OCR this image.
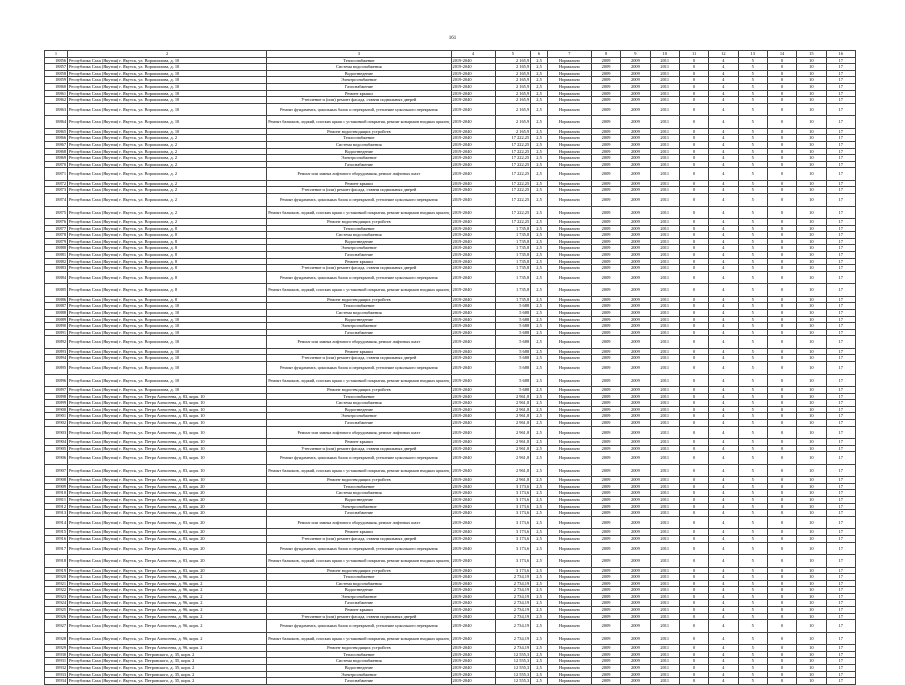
161
1	2	3	4	5	6	7	8	9	10	11	12	13	14	15	16
18856	Республика Саха (Якутия) г. Якутск, ул. Ворошилова, д. 10	Теплоснабжение	2019-2040	2 165,9	2,5	Нормально	2009	2009	2011	0	4	5	0	10	17
18857	Республика Саха (Якутия) г. Якутск, ул. Ворошилова, д. 10	Система водоснабжения	2019-2040	2 165,9	2,5	Нормально	2009	2009	2011	0	4	5	0	10	17
18858	Республика Саха (Якутия) г. Якутск, ул. Ворошилова, д. 10	Водоотведение	2019-2040	2 165,9	2,5	Нормально	2009	2009	2011	0	4	5	0	10	17
18859	Республика Саха (Якутия) г. Якутск, ул. Ворошилова, д. 10	Электроснабжение	2019-2040	2 165,9	2,5	Нормально	2009	2009	2011	0	4	5	0	10	17
18860	Республика Саха (Якутия) г. Якутск, ул. Ворошилова, д. 10	Газоснабжение	2019-2040	2 165,9	2,5	Нормально	2009	2009	2011	0	4	5	0	10	17
18861	Республика Саха (Якутия) г. Якутск, ул. Ворошилова, д. 10	Ремонт крыши	2019-2040	2 165,9	2,5	Нормально	2009	2009	2011	0	4	5	0	10	17
18862	Республика Саха (Якутия) г. Якутск, ул. Ворошилова, д. 10	Утепление и (или) ремонт фасада, ставни подвальных дверей	2019-2040	2 165,9	2,5	Нормально	2009	2009	2011	0	4	5	0	10	17
18863	Республика Саха (Якутия) г. Якутск, ул. Ворошилова, д. 10	Ремонт фундамента, цокольных балок и перекрытий, утепление цокольного перекрытия	2019-2040	2 165,9	2,5	Нормально	2009	2009	2011	0	4	5	0	10	17
18864	Республика Саха (Якутия) г. Якутск, ул. Ворошилова, д. 10	Ремонт балконов, лоджий, плоских крыш с установкой покрытия, ремонт козырьков входных крылец	2019-2040	2 165,9	2,5	Нормально	2009	2009	2011	0	4	5	0	10	17
18865	Республика Саха (Якутия) г. Якутск, ул. Ворошилова, д. 10	Ремонт водоотводящих устройств	2019-2040	2 165,9	2,5	Нормально	2009	2009	2011	0	4	5	0	10	17
18866	Республика Саха (Якутия) г. Якутск, ул. Ворошилова, д. 2	Теплоснабжение	2019-2040	17 222,25	2,5	Нормально	2009	2009	2011	0	4	5	0	10	17
18867	Республика Саха (Якутия) г. Якутск, ул. Ворошилова, д. 2	Система водоснабжения	2019-2040	17 222,25	2,5	Нормально	2009	2009	2011	0	4	5	0	10	17
18868	Республика Саха (Якутия) г. Якутск, ул. Ворошилова, д. 2	Водоотведение	2019-2040	17 222,25	2,5	Нормально	2009	2009	2011	0	4	5	0	10	17
18869	Республика Саха (Якутия) г. Якутск, ул. Ворошилова, д. 2	Электроснабжение	2019-2040	17 222,25	2,5	Нормально	2009	2009	2011	0	4	5	0	10	17
18870	Республика Саха (Якутия) г. Якутск, ул. Ворошилова, д. 2	Газоснабжение	2019-2040	17 222,25	2,5	Нормально	2009	2009	2011	0	4	5	0	10	17
18871	Республика Саха (Якутия) г. Якутск, ул. Ворошилова, д. 2	Ремонт или замена лифтового оборудования, ремонт лифтовых шахт	2019-2040	17 222,25	2,5	Нормально	2009	2009	2011	0	4	5	0	10	17
18872	Республика Саха (Якутия) г. Якутск, ул. Ворошилова, д. 2	Ремонт крыши	2019-2040	17 222,25	2,5	Нормально	2009	2009	2011	0	4	5	0	10	17
18873	Республика Саха (Якутия) г. Якутск, ул. Ворошилова, д. 2	Утепление и (или) ремонт фасада, ставни подвальных дверей	2019-2040	17 222,25	2,5	Нормально	2009	2009	2011	0	4	5	0	10	17
18874	Республика Саха (Якутия) г. Якутск, ул. Ворошилова, д. 2	Ремонт фундамента, цокольных балок и перекрытий, утепление цокольного перекрытия	2019-2040	17 222,25	2,5	Нормально	2009	2009	2011	0	4	5	0	10	17
18875	Республика Саха (Якутия) г. Якутск, ул. Ворошилова, д. 2	Ремонт балконов, лоджий, плоских крыш с установкой покрытия, ремонт козырьков входных крылец	2019-2040	17 222,25	2,5	Нормально	2009	2009	2011	0	4	5	0	10	17
18876	Республика Саха (Якутия) г. Якутск, ул. Ворошилова, д. 2	Ремонт водоотводящих устройств	2019-2040	17 222,25	2,5	Нормально	2009	2009	2011	0	4	5	0	10	17
18877	Республика Саха (Якутия) г. Якутск, ул. Ворошилова, д. 8	Теплоснабжение	2019-2040	1 735,8	2,5	Нормально	2009	2009	2011	0	4	5	0	10	17
18878	Республика Саха (Якутия) г. Якутск, ул. Ворошилова, д. 8	Система водоснабжения	2019-2040	1 735,8	2,5	Нормально	2009	2009	2011	0	4	5	0	10	17
18879	Республика Саха (Якутия) г. Якутск, ул. Ворошилова, д. 8	Водоотведение	2019-2040	1 735,8	2,5	Нормально	2009	2009	2011	0	4	5	0	10	17
18880	Республика Саха (Якутия) г. Якутск, ул. Ворошилова, д. 8	Электроснабжение	2019-2040	1 735,8	2,5	Нормально	2009	2009	2011	0	4	5	0	10	17
18881	Республика Саха (Якутия) г. Якутск, ул. Ворошилова, д. 8	Газоснабжение	2019-2040	1 735,8	2,5	Нормально	2009	2009	2011	0	4	5	0	10	17
18882	Республика Саха (Якутия) г. Якутск, ул. Ворошилова, д. 8	Ремонт крыши	2019-2040	1 735,8	2,5	Нормально	2009	2009	2011	0	4	5	0	10	17
18883	Республика Саха (Якутия) г. Якутск, ул. Ворошилова, д. 8	Утепление и (или) ремонт фасада, ставни подвальных дверей	2019-2040	1 735,8	2,5	Нормально	2009	2009	2011	0	4	5	0	10	17
18884	Республика Саха (Якутия) г. Якутск, ул. Ворошилова, д. 8	Ремонт фундамента, цокольных балок и перекрытий, утепление цокольного перекрытия	2019-2040	1 735,8	2,5	Нормально	2009	2009	2011	0	4	5	0	10	17
18885	Республика Саха (Якутия) г. Якутск, ул. Ворошилова, д. 8	Ремонт балконов, лоджий, плоских крыш с установкой покрытия, ремонт козырьков входных крылец	2019-2040	1 735,8	2,5	Нормально	2009	2009	2011	0	4	5	0	10	17
18886	Республика Саха (Якутия) г. Якутск, ул. Ворошилова, д. 8	Ремонт водоотводящих устройств	2019-2040	1 735,8	2,5	Нормально	2009	2009	2011	0	4	5	0	10	17
18887	Республика Саха (Якутия) г. Якутск, ул. Ворошилова, д. 10	Теплоснабжение	2019-2040	5 688	2,5	Нормально	2009	2009	2011	0	4	5	0	10	17
18888	Республика Саха (Якутия) г. Якутск, ул. Ворошилова, д. 10	Система водоснабжения	2019-2040	5 688	2,5	Нормально	2009	2009	2011	0	4	5	0	10	17
18889	Республика Саха (Якутия) г. Якутск, ул. Ворошилова, д. 10	Водоотведение	2019-2040	5 688	2,5	Нормально	2009	2009	2011	0	4	5	0	10	17
18890	Республика Саха (Якутия) г. Якутск, ул. Ворошилова, д. 10	Электроснабжение	2019-2040	5 688	2,5	Нормально	2009	2009	2011	0	4	5	0	10	17
18891	Республика Саха (Якутия) г. Якутск, ул. Ворошилова, д. 10	Газоснабжение	2019-2040	5 688	2,5	Нормально	2009	2009	2011	0	4	5	0	10	17
18892	Республика Саха (Якутия) г. Якутск, ул. Ворошилова, д. 10	Ремонт или замена лифтового оборудования, ремонт лифтовых шахт	2019-2040	5 688	2,5	Нормально	2009	2009	2011	0	4	5	0	10	17
18893	Республика Саха (Якутия) г. Якутск, ул. Ворошилова, д. 10	Ремонт крыши	2019-2040	5 688	2,5	Нормально	2009	2009	2011	0	4	5	0	10	17
18894	Республика Саха (Якутия) г. Якутск, ул. Ворошилова, д. 10	Утепление и (или) ремонт фасада, ставни подвальных дверей	2019-2040	5 688	2,5	Нормально	2009	2009	2011	0	4	5	0	10	17
18895	Республика Саха (Якутия) г. Якутск, ул. Ворошилова, д. 10	Ремонт фундамента, цокольных балок и перекрытий, утепление цокольного перекрытия	2019-2040	5 688	2,5	Нормально	2009	2009	2011	0	4	5	0	10	17
18896	Республика Саха (Якутия) г. Якутск, ул. Ворошилова, д. 10	Ремонт балконов, лоджий, плоских крыш с установкой покрытия, ремонт козырьков входных крылец	2019-2040	5 688	2,5	Нормально	2009	2009	2011	0	4	5	0	10	17
18897	Республика Саха (Якутия) г. Якутск, ул. Ворошилова, д. 10	Ремонт водоотводящих устройств	2019-2040	5 688	2,5	Нормально	2009	2009	2011	0	4	5	0	10	17
18898	Республика Саха (Якутия) г. Якутск, ул. Петра Алексеева, д. 83, корп. 10	Теплоснабжение	2019-2040	2 961,8	2,5	Нормально	2009	2009	2011	0	4	5	0	10	17
18899	Республика Саха (Якутия) г. Якутск, ул. Петра Алексеева, д. 83, корп. 10	Система водоснабжения	2019-2040	2 961,8	2,5	Нормально	2009	2009	2011	0	4	5	0	10	17
18900	Республика Саха (Якутия) г. Якутск, ул. Петра Алексеева, д. 83, корп. 10	Водоотведение	2019-2040	2 961,8	2,5	Нормально	2009	2009	2011	0	4	5	0	10	17
18901	Республика Саха (Якутия) г. Якутск, ул. Петра Алексеева, д. 83, корп. 10	Электроснабжение	2019-2040	2 961,8	2,5	Нормально	2009	2009	2011	0	4	5	0	10	17
18902	Республика Саха (Якутия) г. Якутск, ул. Петра Алексеева, д. 83, корп. 10	Газоснабжение	2019-2040	2 961,8	2,5	Нормально	2009	2009	2011	0	4	5	0	10	17
18903	Республика Саха (Якутия) г. Якутск, ул. Петра Алексеева, д. 83, корп. 10	Ремонт или замена лифтового оборудования, ремонт лифтовых шахт	2019-2040	2 961,8	2,5	Нормально	2009	2009	2011	0	4	5	0	10	17
18904	Республика Саха (Якутия) г. Якутск, ул. Петра Алексеева, д. 83, корп. 10	Ремонт крыши	2019-2040	2 961,8	2,5	Нормально	2009	2009	2011	0	4	5	0	10	17
18905	Республика Саха (Якутия) г. Якутск, ул. Петра Алексеева, д. 83, корп. 10	Утепление и (или) ремонт фасада, ставни подвальных дверей	2019-2040	2 961,8	2,5	Нормально	2009	2009	2011	0	4	5	0	10	17
18906	Республика Саха (Якутия) г. Якутск, ул. Петра Алексеева, д. 83, корп. 10	Ремонт фундамента, цокольных балок и перекрытий, утепление цокольного перекрытия	2019-2040	2 961,8	2,5	Нормально	2009	2009	2011	0	4	5	0	10	17
18907	Республика Саха (Якутия) г. Якутск, ул. Петра Алексеева, д. 83, корп. 10	Ремонт балконов, лоджий, плоских крыш с установкой покрытия, ремонт козырьков входных крылец	2019-2040	2 961,8	2,5	Нормально	2009	2009	2011	0	4	5	0	10	17
18908	Республика Саха (Якутия) г. Якутск, ул. Петра Алексеева, д. 83, корп. 10	Ремонт водоотводящих устройств	2019-2040	2 961,8	2,5	Нормально	2009	2009	2011	0	4	5	0	10	17
18909	Республика Саха (Якутия) г. Якутск, ул. Петра Алексеева, д. 83, корп. 20	Теплоснабжение	2019-2040	3 173,6	2,5	Нормально	2009	2009	2011	0	4	5	0	10	17
18910	Республика Саха (Якутия) г. Якутск, ул. Петра Алексеева, д. 83, корп. 20	Система водоснабжения	2019-2040	3 173,6	2,5	Нормально	2009	2009	2011	0	4	5	0	10	17
18911	Республика Саха (Якутия) г. Якутск, ул. Петра Алексеева, д. 83, корп. 20	Водоотведение	2019-2040	3 173,6	2,5	Нормально	2009	2009	2011	0	4	5	0	10	17
18912	Республика Саха (Якутия) г. Якутск, ул. Петра Алексеева, д. 83, корп. 20	Электроснабжение	2019-2040	3 173,6	2,5	Нормально	2009	2009	2011	0	4	5	0	10	17
18913	Республика Саха (Якутия) г. Якутск, ул. Петра Алексеева, д. 83, корп. 20	Газоснабжение	2019-2040	3 173,6	2,5	Нормально	2009	2009	2011	0	4	5	0	10	17
18914	Республика Саха (Якутия) г. Якутск, ул. Петра Алексеева, д. 83, корп. 20	Ремонт или замена лифтового оборудования, ремонт лифтовых шахт	2019-2040	3 173,6	2,5	Нормально	2009	2009	2011	0	4	5	0	10	17
18915	Республика Саха (Якутия) г. Якутск, ул. Петра Алексеева, д. 83, корп. 20	Ремонт крыши	2019-2040	3 173,6	2,5	Нормально	2009	2009	2011	0	4	5	0	10	17
18916	Республика Саха (Якутия) г. Якутск, ул. Петра Алексеева, д. 83, корп. 20	Утепление и (или) ремонт фасада, ставни подвальных дверей	2019-2040	3 173,6	2,5	Нормально	2009	2009	2011	0	4	5	0	10	17
18917	Республика Саха (Якутия) г. Якутск, ул. Петра Алексеева, д. 83, корп. 20	Ремонт фундамента, цокольных балок и перекрытий, утепление цокольного перекрытия	2019-2040	3 173,6	2,5	Нормально	2009	2009	2011	0	4	5	0	10	17
18918	Республика Саха (Якутия) г. Якутск, ул. Петра Алексеева, д. 83, корп. 20	Ремонт балконов, лоджий, плоских крыш с установкой покрытия, ремонт козырьков входных крылец	2019-2040	3 173,6	2,5	Нормально	2009	2009	2011	0	4	5	0	10	17
18919	Республика Саха (Якутия) г. Якутск, ул. Петра Алексеева, д. 83, корп. 20	Ремонт водоотводящих устройств	2019-2040	3 173,6	2,5	Нормально	2009	2009	2011	0	4	5	0	10	17
18920	Республика Саха (Якутия) г. Якутск, ул. Петра Алексеева, д. 96, корп. 2	Теплоснабжение	2019-2040	2 734,19	2,5	Нормально	2009	2009	2011	0	4	5	0	10	17
18921	Республика Саха (Якутия) г. Якутск, ул. Петра Алексеева, д. 96, корп. 2	Система водоснабжения	2019-2040	2 734,19	2,5	Нормально	2009	2009	2011	0	4	5	0	10	17
18922	Республика Саха (Якутия) г. Якутск, ул. Петра Алексеева, д. 96, корп. 2	Водоотведение	2019-2040	2 734,19	2,5	Нормально	2009	2009	2011	0	4	5	0	10	17
18923	Республика Саха (Якутия) г. Якутск, ул. Петра Алексеева, д. 96, корп. 2	Электроснабжение	2019-2040	2 734,19	2,5	Нормально	2009	2009	2011	0	4	5	0	10	17
18924	Республика Саха (Якутия) г. Якутск, ул. Петра Алексеева, д. 96, корп. 2	Газоснабжение	2019-2040	2 734,19	2,5	Нормально	2009	2009	2011	0	4	5	0	10	17
18925	Республика Саха (Якутия) г. Якутск, ул. Петра Алексеева, д. 96, корп. 2	Ремонт крыши	2019-2040	2 734,19	2,5	Нормально	2009	2009	2011	0	4	5	0	10	17
18926	Республика Саха (Якутия) г. Якутск, ул. Петра Алексеева, д. 96, корп. 2	Утепление и (или) ремонт фасада, ставни подвальных дверей	2019-2040	2 734,19	2,5	Нормально	2009	2009	2011	0	4	5	0	10	17
18927	Республика Саха (Якутия) г. Якутск, ул. Петра Алексеева, д. 96, корп. 2	Ремонт фундамента, цокольных балок и перекрытий, утепление цокольного перекрытия	2019-2040	2 734,19	2,5	Нормально	2009	2009	2011	0	4	5	0	10	17
18928	Республика Саха (Якутия) г. Якутск, ул. Петра Алексеева, д. 96, корп. 2	Ремонт балконов, лоджий, плоских крыш с установкой покрытия, ремонт козырьков входных крылец	2019-2040	2 734,19	2,5	Нормально	2009	2009	2011	0	4	5	0	10	17
18929	Республика Саха (Якутия) г. Якутск, ул. Петра Алексеева, д. 96, корп. 2	Ремонт водоотводящих устройств	2019-2040	2 734,19	2,5	Нормально	2009	2009	2011	0	4	5	0	10	17
18930	Республика Саха (Якутия) г. Якутск, ул. Петровского, д. 35, корп. 2	Теплоснабжение	2019-2040	12 555,3	2,5	Нормально	2009	2009	2011	0	4	5	0	10	17
18931	Республика Саха (Якутия) г. Якутск, ул. Петровского, д. 35, корп. 2	Система водоснабжения	2019-2040	12 555,3	2,5	Нормально	2009	2009	2011	0	4	5	0	10	17
18932	Республика Саха (Якутия) г. Якутск, ул. Петровского, д. 35, корп. 2	Водоотведение	2019-2040	12 555,3	2,5	Нормально	2009	2009	2011	0	4	5	0	10	17
18933	Республика Саха (Якутия) г. Якутск, ул. Петровского, д. 35, корп. 2	Электроснабжение	2019-2040	12 555,3	2,5	Нормально	2009	2009	2011	0	4	5	0	10	17
18934	Республика Саха (Якутия) г. Якутск, ул. Петровского, д. 35, корп. 2	Газоснабжение	2019-2040	12 555,3	2,5	Нормально	2009	2009	2011	0	4	5	0	10	17
